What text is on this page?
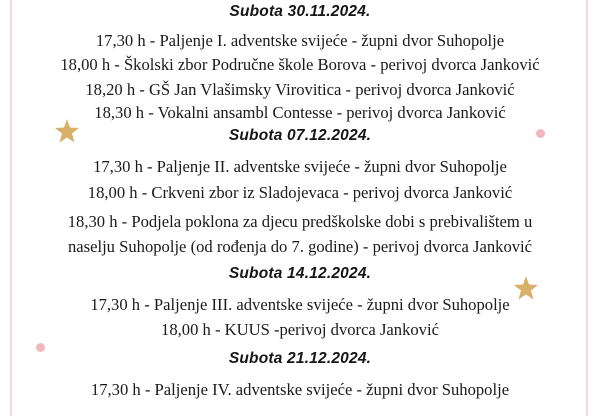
Subota 30.11.2024.
17,30 h - Paljenje I. adventske svijeće - župni dvor Suhopolje
18,00 h - Školski zbor Područne škole Borova - perivoj dvorca Janković
18,20 h - GŠ Jan Vlašimsky Virovitica - perivoj dvorca Janković
18,30 h - Vokalni ansambl Contesse - perivoj dvorca Janković
Subota 07.12.2024.
17,30 h - Paljenje II. adventske svijeće - župni dvor Suhopolje
18,00 h - Crkveni zbor iz Sladojevaca - perivoj dvorca Janković
18,30 h - Podjela poklona za djecu predškolske dobi s prebivalištem u
naselju Suhopolje (od rođenja do 7. godine) - perivoj dvorca Janković
Subota 14.12.2024.
17,30 h - Paljenje III. adventske svijeće - župni dvor Suhopolje
18,00 h - KUUS -perivoj dvorca Janković
Subota 21.12.2024.
17,30 h - Paljenje IV. adventske svijeće - župni dvor Suhopolje
